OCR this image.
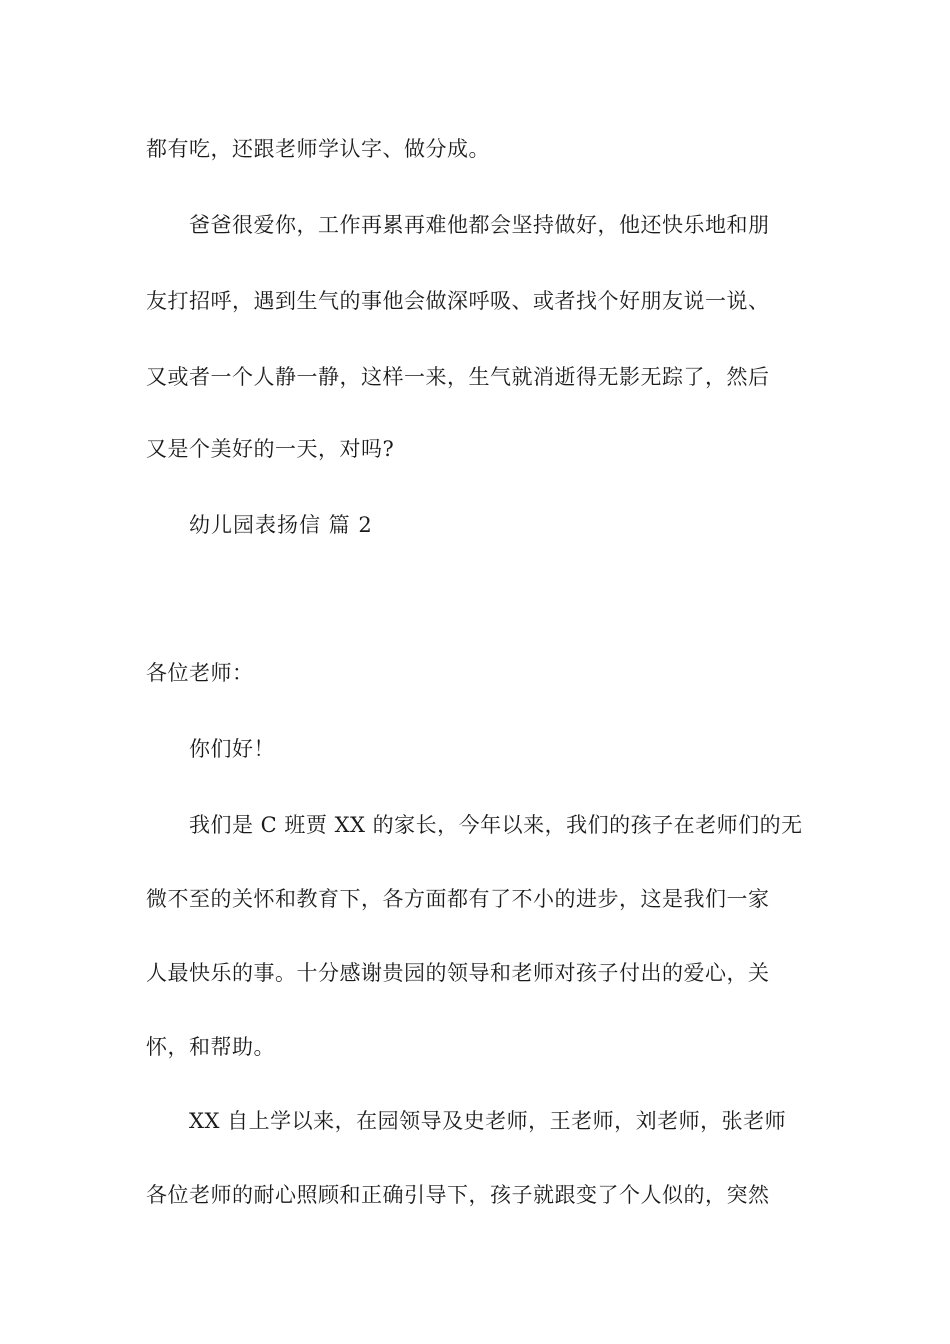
都有吃，还跟老师学认字、做分成。
爸爸很爱你，工作再累再难他都会坚持做好，他还快乐地和朋
友打招呼，遇到生气的事他会做深呼吸、或者找个好朋友说一说、
又或者一个人静一静，这样一来，生气就消逝得无影无踪了，然后
又是个美好的一天，对吗?
幼儿园表扬信 篇 2
各位老师：
你们好！
我们是 C 班贾 XX 的家长，今年以来，我们的孩子在老师们的无
微不至的关怀和教育下，各方面都有了不小的进步，这是我们一家
人最快乐的事。十分感谢贵园的领导和老师对孩子付出的爱心，关
怀，和帮助。
XX 自上学以来，在园领导及史老师，王老师，刘老师，张老师
各位老师的耐心照顾和正确引导下，孩子就跟变了个人似的，突然
